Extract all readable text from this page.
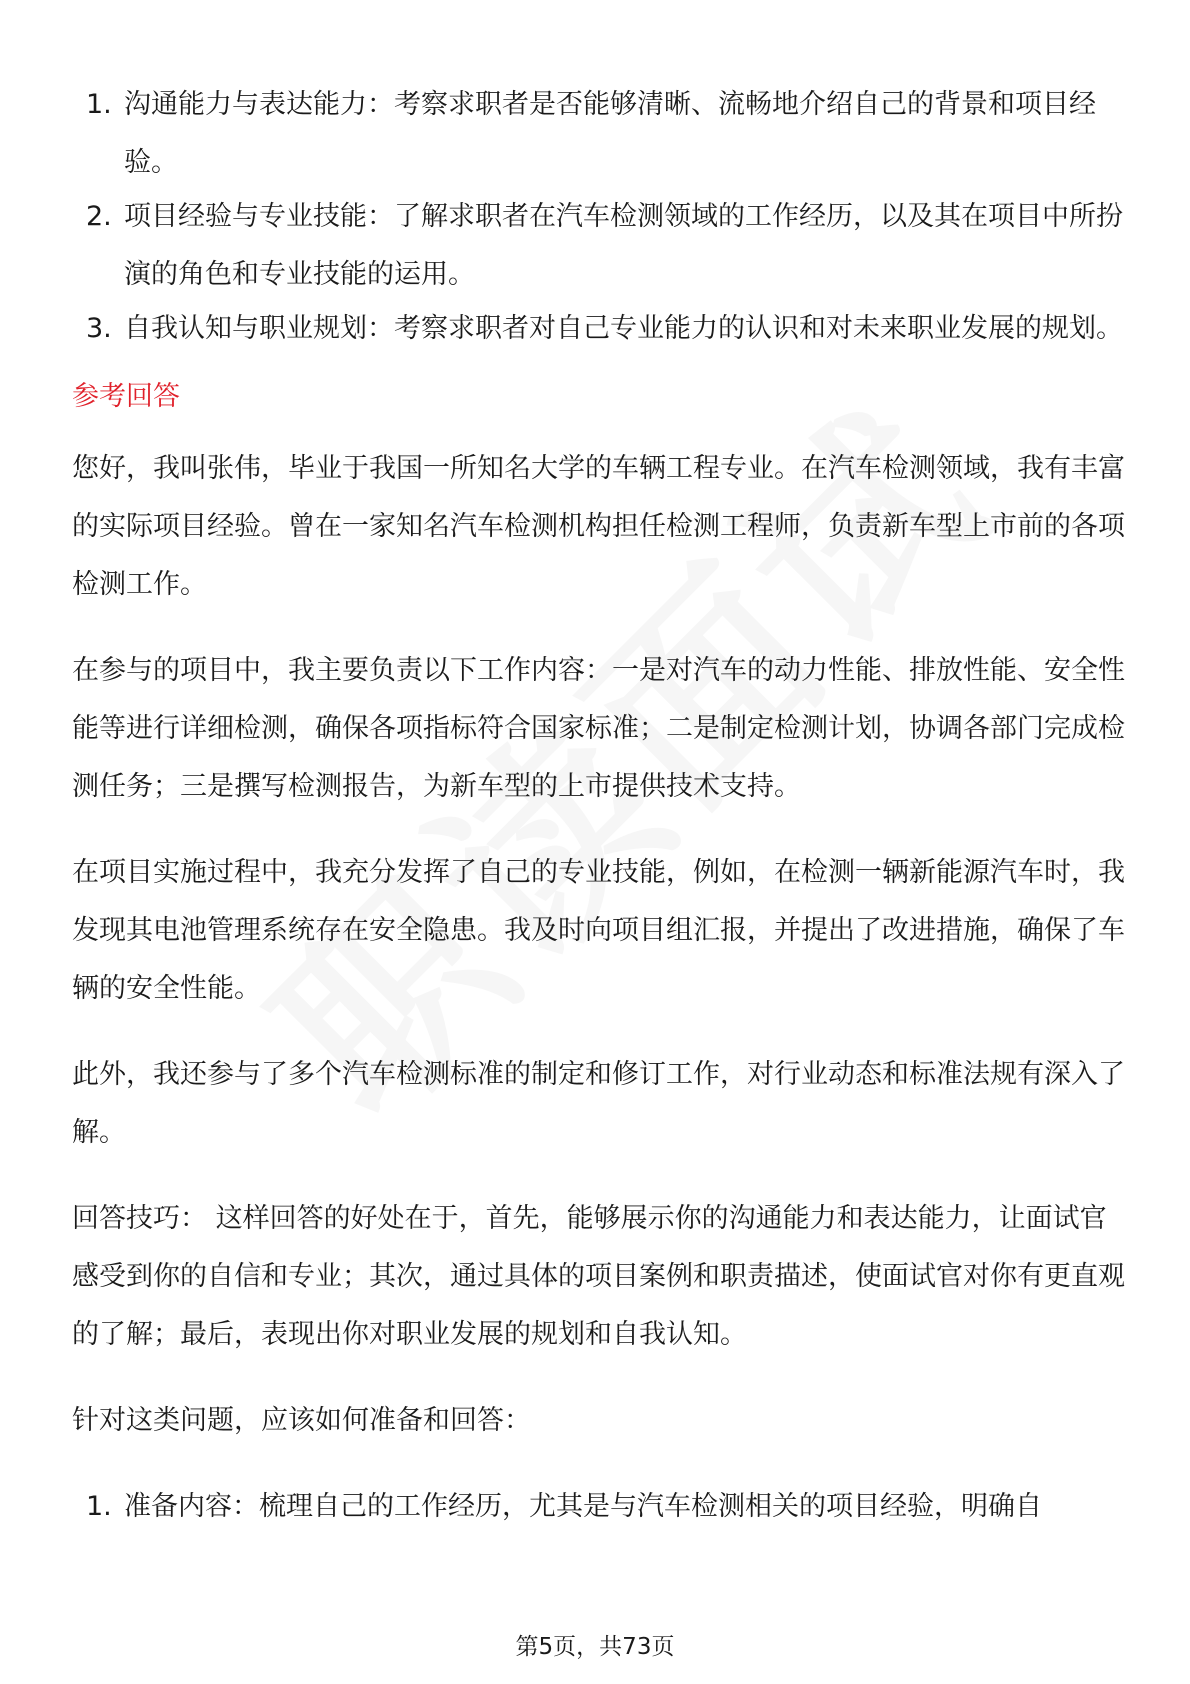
1. 沟通能力与表达能力：考察求职者是否能够清晰、流畅地介绍自己的背景和项目经验。
2. 项目经验与专业技能：了解求职者在汽车检测领域的工作经历，以及其在项目中所扮演的角色和专业技能的运用。
3. 自我认知与职业规划：考察求职者对自己专业能力的认识和对未来职业发展的规划。
参考回答

您好，我叫张伟，毕业于我国一所知名大学的车辆工程专业。在汽车检测领域，我有丰富的实际项目经验。曾在一家知名汽车检测机构担任检测工程师，负责新车型上市前的各项检测工作。

在参与的项目中，我主要负责以下工作内容：一是对汽车的动力性能、排放性能、安全性能等进行详细检测，确保各项指标符合国家标准；二是制定检测计划，协调各部门完成检测任务；三是撰写检测报告，为新车型的上市提供技术支持。

在项目实施过程中，我充分发挥了自己的专业技能，例如，在检测一辆新能源汽车时，我发现其电池管理系统存在安全隐患。我及时向项目组汇报，并提出了改进措施，确保了车辆的安全性能。

此外，我还参与了多个汽车检测标准的制定和修订工作，对行业动态和标准法规有深入了解。

回答技巧： 这样回答的好处在于，首先，能够展示你的沟通能力和表达能力，让面试官感受到你的自信和专业；其次，通过具体的项目案例和职责描述，使面试官对你有更直观的了解；最后，表现出你对职业发展的规划和自我认知。

针对这类问题，应该如何准备和回答：

1. 准备内容：梳理自己的工作经历，尤其是与汽车检测相关的项目经验，明确自
第5页，共73页
